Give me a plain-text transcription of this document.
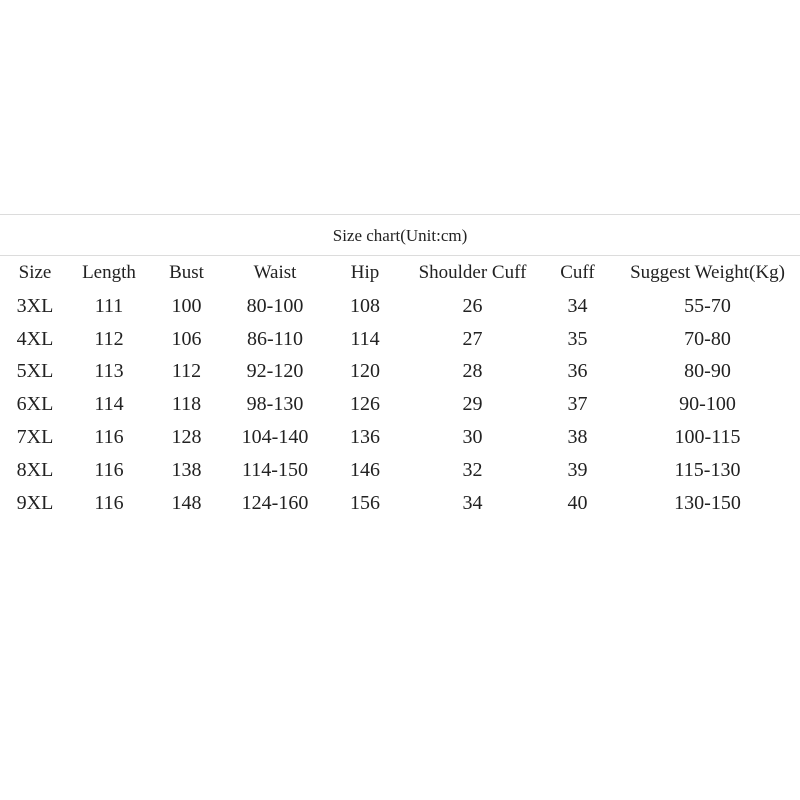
Size chart(Unit:cm)
Size	Length	Bust	Waist	Hip	Shoulder Cuff	Cuff	Suggest Weight(Kg)
3XL	111	100	80-100	108	26	34	55-70
4XL	112	106	86-110	114	27	35	70-80
5XL	113	112	92-120	120	28	36	80-90
6XL	114	118	98-130	126	29	37	90-100
7XL	116	128	104-140	136	30	38	100-115
8XL	116	138	114-150	146	32	39	115-130
9XL	116	148	124-160	156	34	40	130-150
